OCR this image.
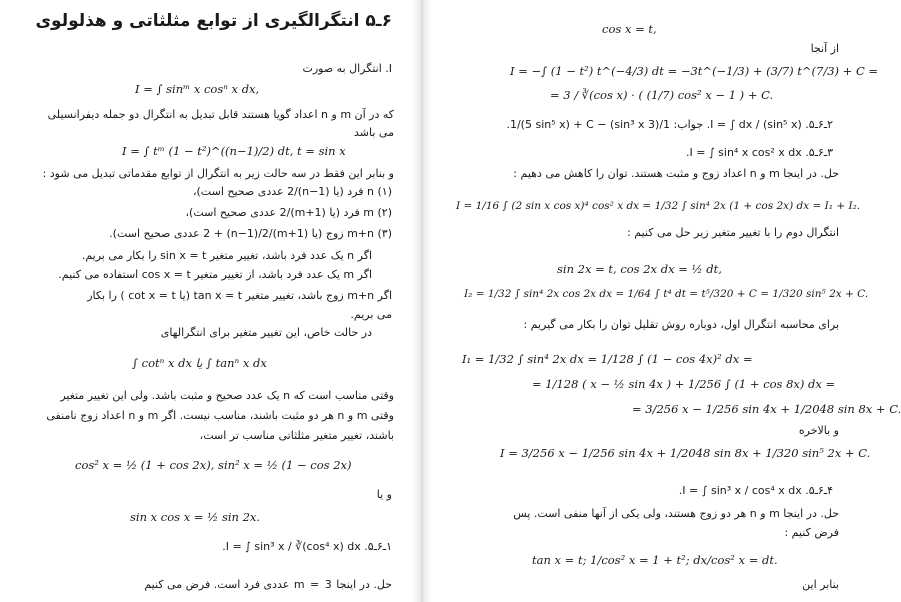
۶ـ۵ انتگرالگیری از توابع مثلثاتی و هذلولوی
I. انتگرال به صورت
I = ∫ sinᵐ x cosⁿ x dx,
که در آن m و n اعداد گویا هستند قابل تبدیل به انتگرال دو جمله دیفرانسیلی
می باشد
I = ∫ tᵐ (1 − t²)^((n−1)/2) dt, t = sin x
و بنابر این فقط در سه حالت زیر به انتگرال از توابع مقدماتی تبدیل می شود :
(۱) n فرد (یا (n−1)/2 عددی صحیح است)،
(۲) m فرد (یا (m+1)/2 عددی صحیح است)،
(۳) m+n زوج (یا (m+1)/2 + (n−1)/2 عددی صحیح است).
اگر n یک عدد فرد باشد، تغییر متغیر sin x = t را بکار می بریم.
اگر m یک عدد فرد باشد، از تغییر متغیر cos x = t استفاده می کنیم.
اگر m+n زوج باشد، تغییر متغیر tan x = t (یا cot x = t ) را بکار
می بریم.
در حالت خاص، این تغییر متغیر برای انتگرالهای
∫ cotⁿ x dx یا ∫ tanⁿ x dx
وقتی مناسب است که n یک عدد صحیح و مثبت باشد. ولی این تغییر متغیر
وقتی m و n هر دو مثبت باشند، مناسب نیست. اگر m و n اعداد زوج نامنفی
باشند، تغییر متغیر مثلثاتی مناسب تر است،
cos² x = ½ (1 + cos 2x), sin² x = ½ (1 − cos 2x)
و یا
sin x cos x = ½ sin 2x.
۱ـ۶ـ۵. I = ∫ sin³ x / ∛(cos⁴ x) dx.
حل. در اینجا m = 3 عددی فرد است. فرض می کنیم
cos x = t,
از آنجا
I = −∫ (1 − t²) t^(−4/3) dt = −3t^(−1/3) + (3/7) t^(7/3) + C =
= 3 / ∛(cos x) · ( (1/7) cos² x − 1 ) + C.
۲ـ۶ـ۵. I = ∫ dx / (sin⁵ x). جواب: 1/(3 sin³ x) − 1/(5 sin⁵ x) + C.
۳ـ۶ـ۵. I = ∫ sin⁴ x cos² x dx.
حل. در اینجا m و n اعداد زوج و مثبت هستند. توان را کاهش می دهیم :
I = 1/16 ∫ (2 sin x cos x)⁴ cos² x dx = 1/32 ∫ sin⁴ 2x (1 + cos 2x) dx = I₁ + I₂.
انتگرال دوم را با تغییر متغیر زیر حل می کنیم :
sin 2x = t, cos 2x dx = ½ dt,
I₂ = 1/32 ∫ sin⁴ 2x cos 2x dx = 1/64 ∫ t⁴ dt = t⁵/320 + C = 1/320 sin⁵ 2x + C.
برای محاسبه انتگرال اول، دوباره روش تقلیل توان را بکار می گیریم :
I₁ = 1/32 ∫ sin⁴ 2x dx = 1/128 ∫ (1 − cos 4x)² dx =
= 1/128 ( x − ½ sin 4x ) + 1/256 ∫ (1 + cos 8x) dx =
= 3/256 x − 1/256 sin 4x + 1/2048 sin 8x + C.
و بالاخره
I = 3/256 x − 1/256 sin 4x + 1/2048 sin 8x + 1/320 sin⁵ 2x + C.
۴ـ۶ـ۵. I = ∫ sin³ x / cos⁴ x dx.
حل. در اینجا m و n هر دو زوج هستند، ولی یکی از آنها منفی است. پس
فرض کنیم :
tan x = t; 1/cos² x = 1 + t²; dx/cos² x = dt.
بنابر این
